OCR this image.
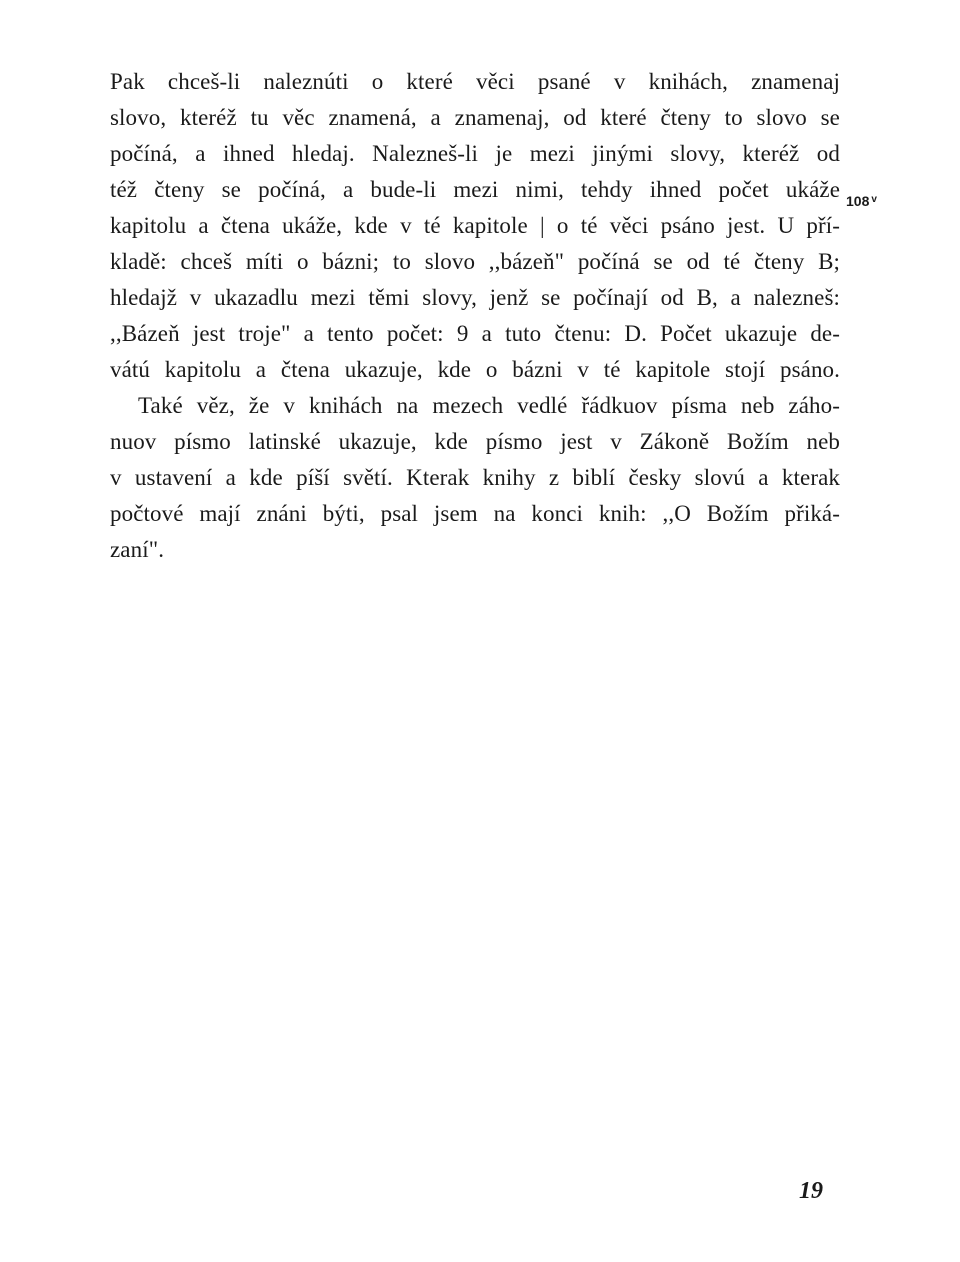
Pak chceš-li naleznúti o které věci psané v knihách, znamenaj
slovo, kteréž tu věc znamená, a znamenaj, od které čteny to slovo se
počíná, a ihned hledaj. Nalezneš-li je mezi jinými slovy, kteréž od
též čteny se počíná, a bude-li mezi nimi, tehdy ihned počet ukáže
kapitolu a čtena ukáže, kde v té kapitole | o té věci psáno jest. U pří-
kladě: chceš míti o bázni; to slovo ,,bázeň" počíná se od té čteny B;
hledajž v ukazadlu mezi těmi slovy, jenž se počínají od B, a nalezneš:
,,Bázeň jest troje" a tento počet: 9 a tuto čtenu: D. Počet ukazuje de-
vátú kapitolu a čtena ukazuje, kde o bázni v té kapitole stojí psáno.
Také věz, že v knihách na mezech vedlé řádkuov písma neb záho-
nuov písmo latinské ukazuje, kde písmo jest v Zákoně Božím neb
v ustavení a kde píší světí. Kterak knihy z biblí česky slovú a kterak
počtové mají znáni býti, psal jsem na konci knih: ,,O Božím přiká-
zaní".
108 $^v$
19
